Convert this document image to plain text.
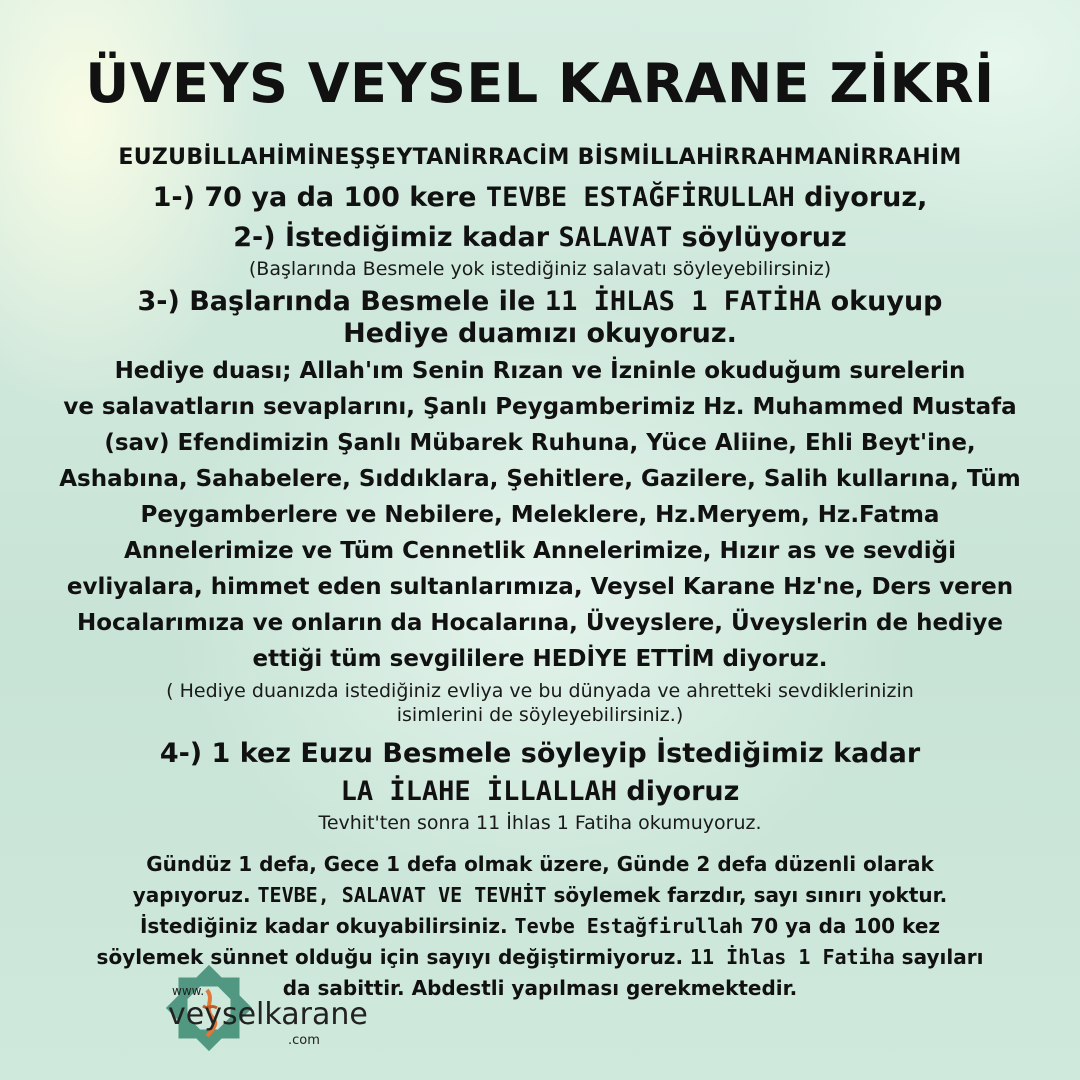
ÜVEYS VEYSEL KARANE ZİKRİ
EUZUBİLLAHİMİNEŞŞEYTANİRRACİM BİSMİLLAHİRRAHMANİRRAHİM
1-) 70 ya da 100 kere TEVBE ESTAĞFİRULLAH diyoruz,
2-) İstediğimiz kadar SALAVAT söylüyoruz
(Başlarında Besmele yok istediğiniz salavatı söyleyebilirsiniz)
3-) Başlarında Besmele ile 11 İHLAS 1 FATİHA okuyup
Hediye duamızı okuyoruz.
Hediye duası; Allah'ım Senin Rızan ve İzninle okuduğum surelerin
ve salavatların sevaplarını, Şanlı Peygamberimiz Hz. Muhammed Mustafa
(sav) Efendimizin Şanlı Mübarek Ruhuna, Yüce Aliine, Ehli Beyt'ine,
Ashabına, Sahabelere, Sıddıklara, Şehitlere, Gazilere, Salih kullarına, Tüm
Peygamberlere ve Nebilere, Meleklere, Hz.Meryem, Hz.Fatma
Annelerimize ve Tüm Cennetlik Annelerimize, Hızır as ve sevdiği
evliyalara, himmet eden sultanlarımıza, Veysel Karane Hz'ne, Ders veren
Hocalarımıza ve onların da Hocalarına, Üveyslere, Üveyslerin de hediye
ettiği tüm sevgililere HEDİYE ETTİM diyoruz.
( Hediye duanızda istediğiniz evliya ve bu dünyada ve ahretteki sevdiklerinizin
isimlerini de söyleyebilirsiniz.)
4-) 1 kez Euzu Besmele söyleyip İstediğimiz kadar
LA İLAHE İLLALLAH diyoruz
Tevhit'ten sonra 11 İhlas 1 Fatiha okumuyoruz.
Gündüz 1 defa, Gece 1 defa olmak üzere, Günde 2 defa düzenli olarak
yapıyoruz. TEVBE, SALAVAT VE TEVHİT söylemek farzdır, sayı sınırı yoktur.
İstediğiniz kadar okuyabilirsiniz. Tevbe Estağfirullah 70 ya da 100 kez
söylemek sünnet olduğu için sayıyı değiştirmiyoruz. 11 İhlas 1 Fatiha sayıları
da sabittir. Abdestli yapılması gerekmektedir.
www.
veyselkarane
.com
